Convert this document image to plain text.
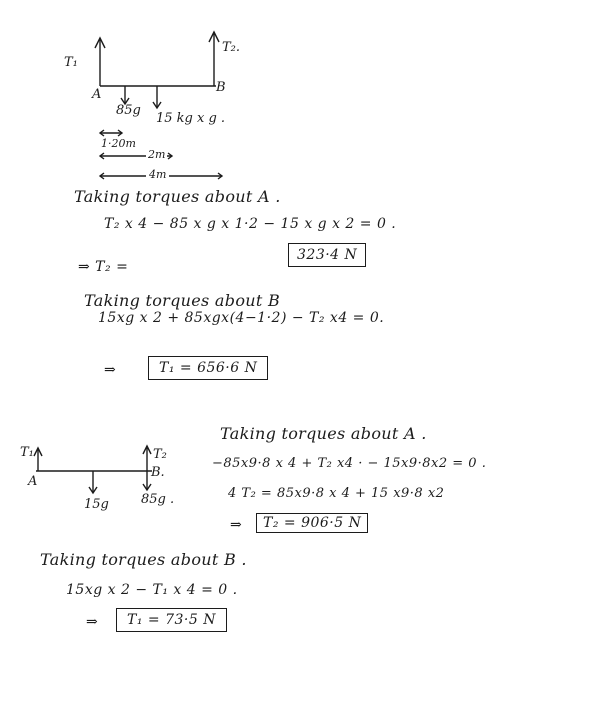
T₁
T₂.
A	B
85g
15 kg x g .
1·20m
2m
4m
Taking torques about A .
T₂ x 4 − 85 x g x 1·2 − 15 x g x 2 = 0 .
⇒ T₂ =
323·4 N
Taking torques about B
15xg x 2 + 85xgx(4−1·2) − T₂ x4 = 0.
⇒	T₁ = 656·6 N
T₁	T₂
A
B.
15g 85g .
Taking torques about A .
−85x9·8 x 4 + T₂ x4 · − 15x9·8x2 = 0 .
4 T₂ = 85x9·8 x 4 + 15 x9·8 x2
⇒	T₂ = 906·5 N
Taking torques about B .
15xg x 2 − T₁ x 4 = 0 .
⇒	T₁ = 73·5 N
